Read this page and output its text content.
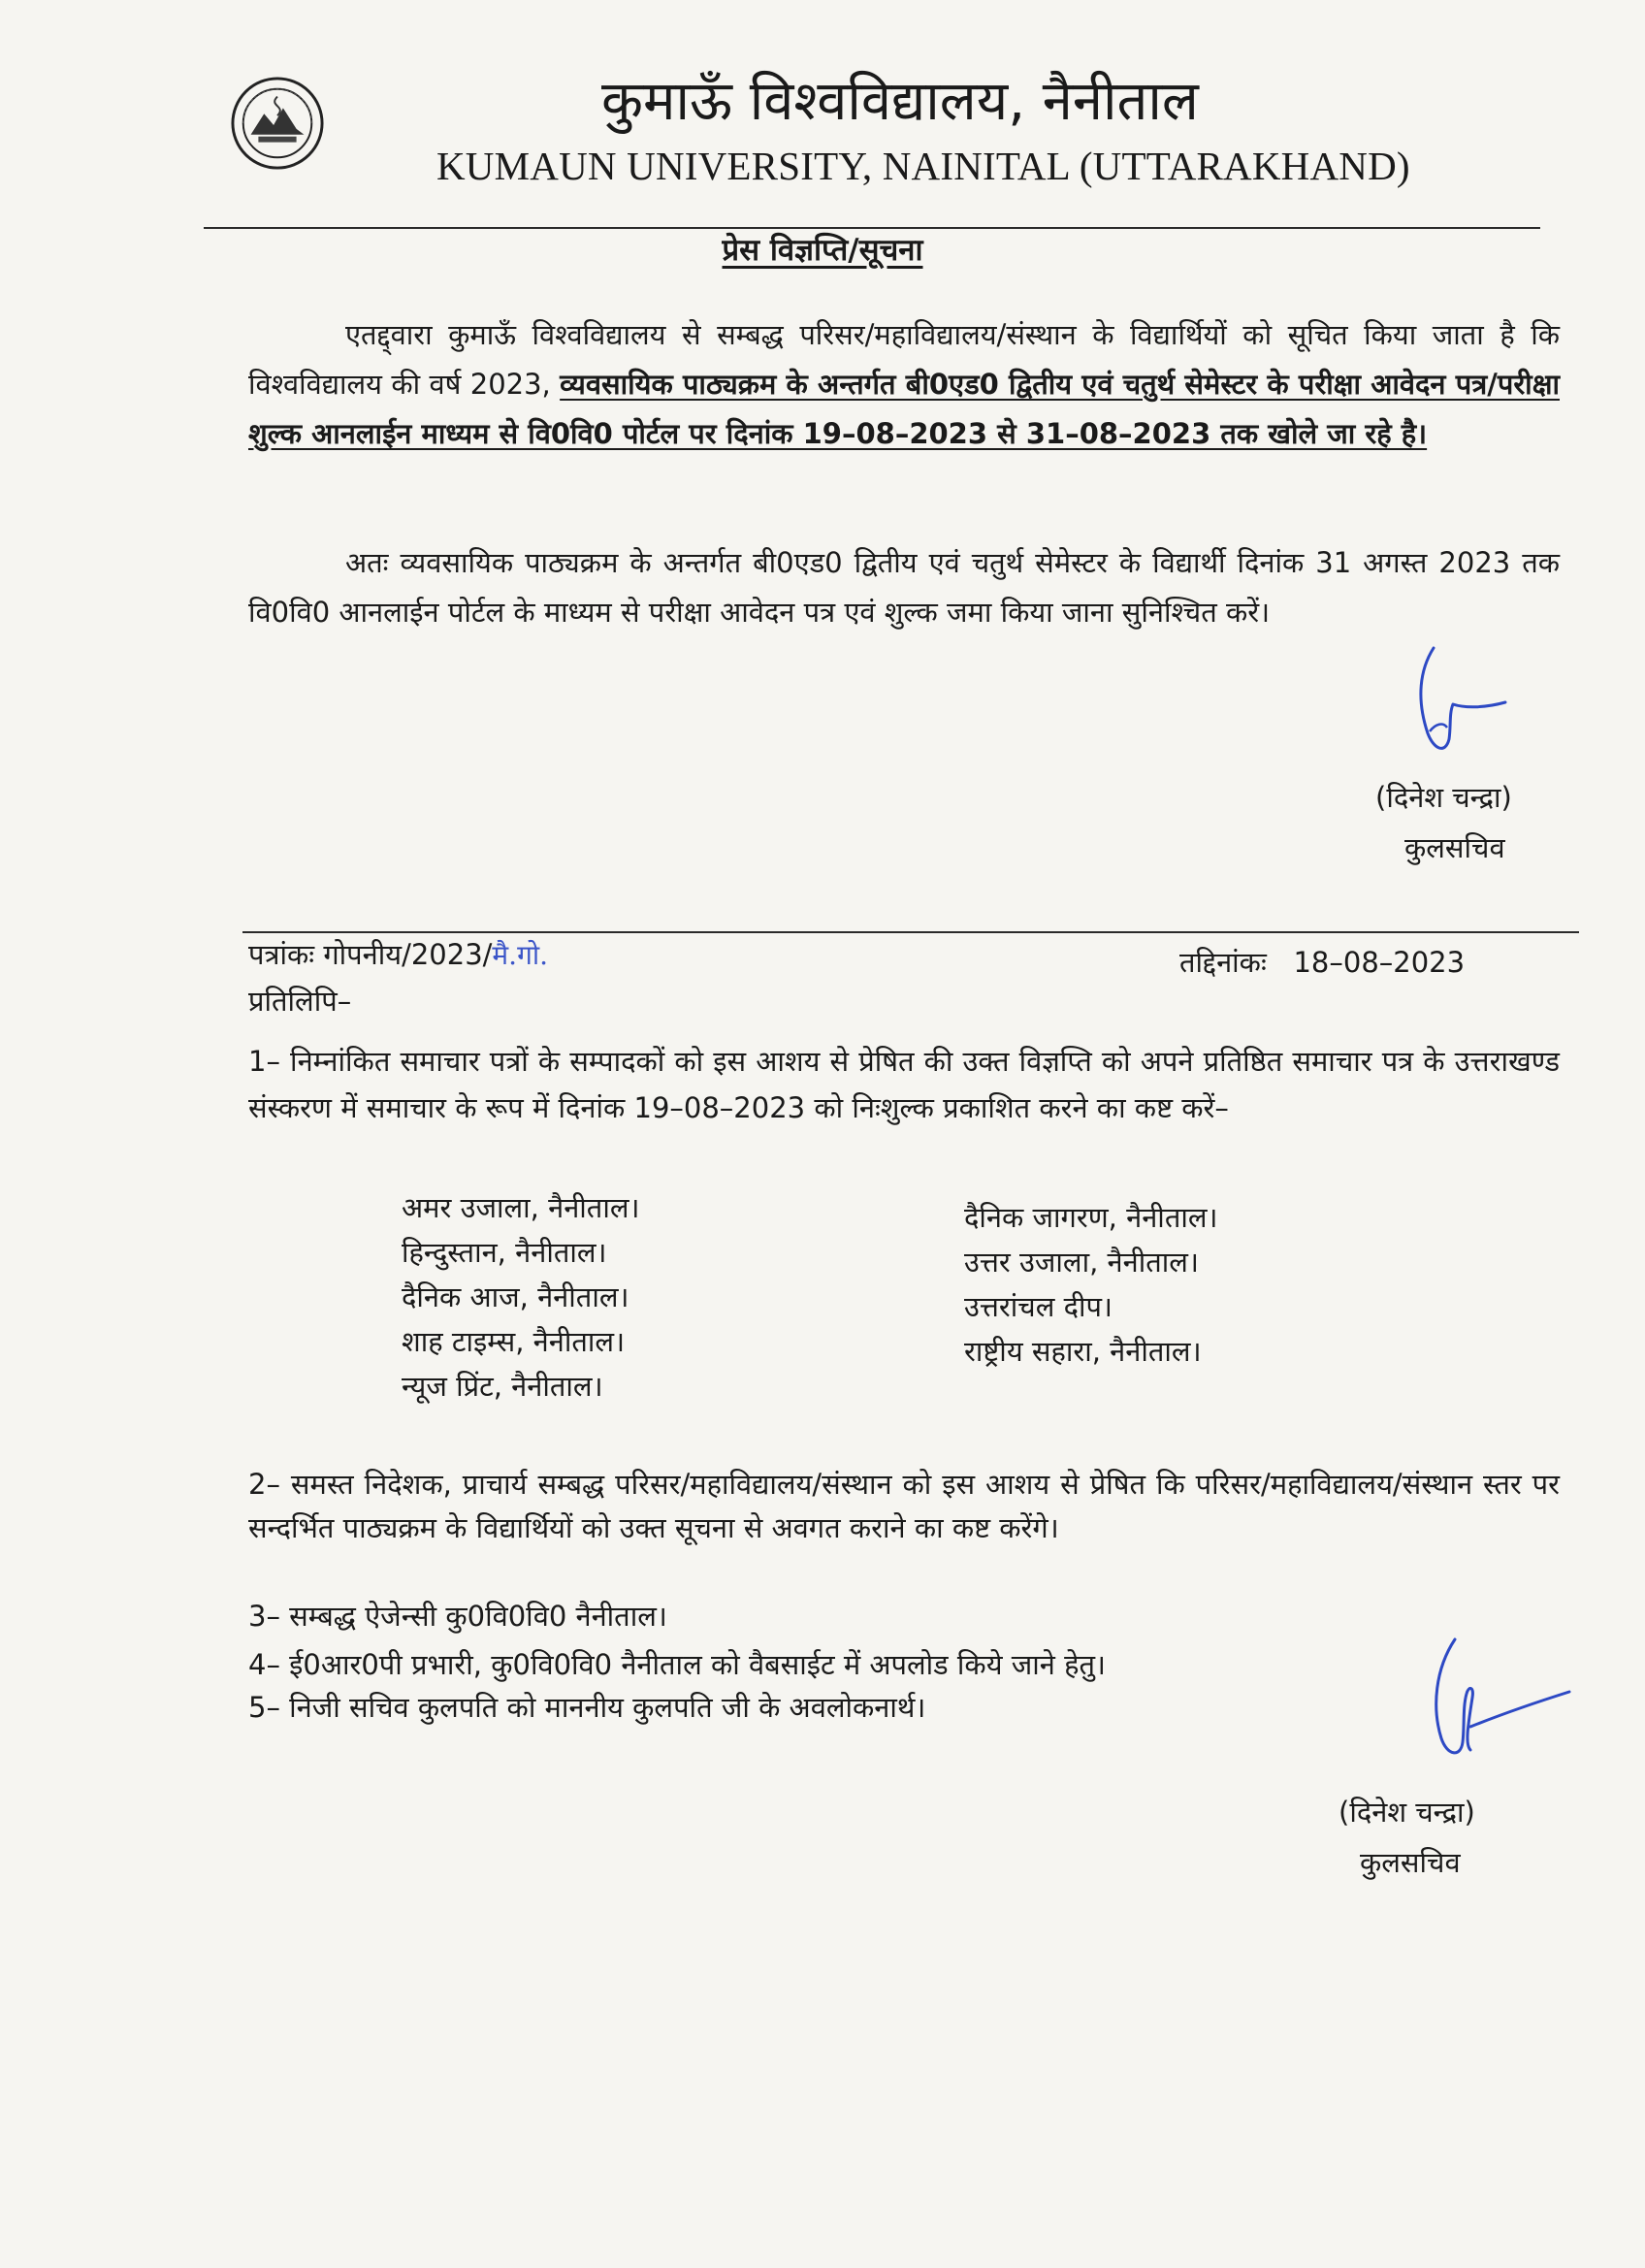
कुमाऊँ विश्वविद्यालय, नैनीताल
KUMAUN UNIVERSITY, NAINITAL (UTTARAKHAND)
प्रेस विज्ञप्ति/सूचना
एतद्द्वारा कुमाऊँ विश्वविद्यालय से सम्बद्ध परिसर/महाविद्यालय/संस्थान के विद्यार्थियों को सूचित किया जाता है कि विश्वविद्यालय की वर्ष 2023, व्यवसायिक पाठ्यक्रम के अन्तर्गत बी0एड0 द्वितीय एवं चतुर्थ सेमेस्टर के परीक्षा आवेदन पत्र/परीक्षा शुल्क आनलाईन माध्यम से वि0वि0 पोर्टल पर दिनांक 19–08–2023 से 31–08–2023 तक खोले जा रहे है।
अतः व्यवसायिक पाठ्यक्रम के अन्तर्गत बी0एड0 द्वितीय एवं चतुर्थ सेमेस्टर के विद्यार्थी दिनांक 31 अगस्त 2023 तक वि0वि0 आनलाईन पोर्टल के माध्यम से परीक्षा आवेदन पत्र एवं शुल्क जमा किया जाना सुनिश्चित करें।
(दिनेश चन्द्रा)
कुलसचिव
पत्रांकः गोपनीय/2023/मै.गो.	तद्दिनांकः   18–08–2023
प्रतिलिपि–
1– निम्नांकित समाचार पत्रों के सम्पादकों को इस आशय से प्रेषित की उक्त विज्ञप्ति को अपने प्रतिष्ठित समाचार पत्र के उत्तराखण्ड संस्करण में समाचार के रूप में दिनांक 19–08–2023 को निःशुल्क प्रकाशित करने का कष्ट करें–
अमर उजाला, नैनीताल।
हिन्दुस्तान, नैनीताल।
दैनिक आज, नैनीताल।
शाह टाइम्स, नैनीताल।
न्यूज प्रिंट, नैनीताल।
दैनिक जागरण, नैनीताल।
उत्तर उजाला, नैनीताल।
उत्तरांचल दीप।
राष्ट्रीय सहारा, नैनीताल।
2– समस्त निदेशक, प्राचार्य सम्बद्ध परिसर/महाविद्यालय/संस्थान को इस आशय से प्रेषित कि परिसर/महाविद्यालय/संस्थान स्तर पर सन्दर्भित पाठ्यक्रम के विद्यार्थियों को उक्त सूचना से अवगत कराने का कष्ट करेंगे।
3– सम्बद्ध ऐजेन्सी कु0वि0वि0 नैनीताल।
4– ई0आर0पी प्रभारी, कु0वि0वि0 नैनीताल को वैबसाईट में अपलोड किये जाने हेतु।
5– निजी सचिव कुलपति को माननीय कुलपति जी के अवलोकनार्थ।
(दिनेश चन्द्रा)
कुलसचिव
